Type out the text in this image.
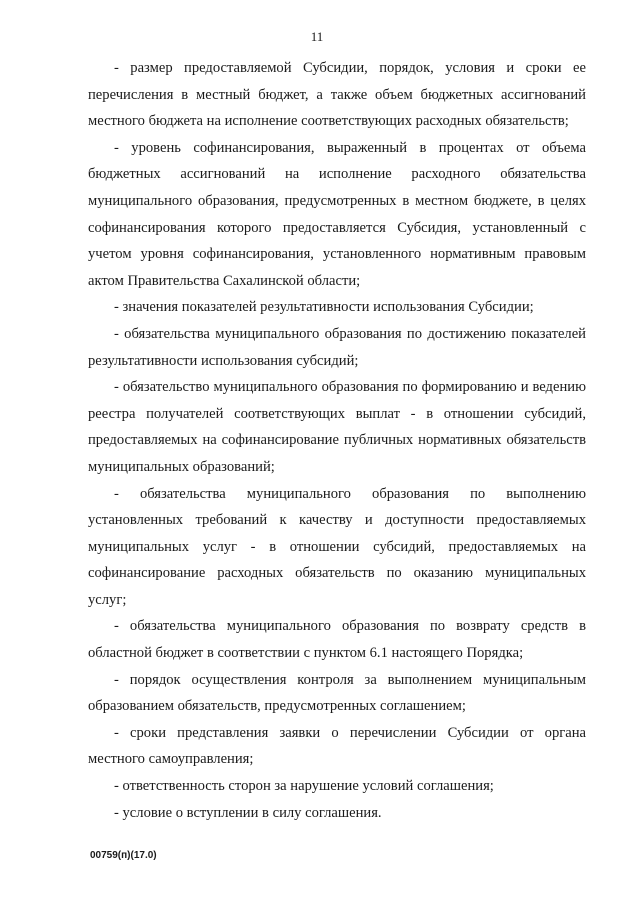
11

- размер предоставляемой Субсидии, порядок, условия и сроки ее перечисления в местный бюджет, а также объем бюджетных ассигнований местного бюджета на исполнение соответствующих расходных обязательств;

- уровень софинансирования, выраженный в процентах от объема бюджетных ассигнований на исполнение расходного обязательства муниципального образования, предусмотренных в местном бюджете, в целях софинансирования которого предоставляется Субсидия, установленный с учетом уровня софинансирования, установленного нормативным правовым актом Правительства Сахалинской области;

- значения показателей результативности использования Субсидии;

- обязательства муниципального образования по достижению показателей результативности использования субсидий;

- обязательство муниципального образования по формированию и ведению реестра получателей соответствующих выплат - в отношении субсидий, предоставляемых на софинансирование публичных нормативных обязательств муниципальных образований;

- обязательства муниципального образования по выполнению установленных требований к качеству и доступности предоставляемых муниципальных услуг - в отношении субсидий, предоставляемых на софинансирование расходных обязательств по оказанию муниципальных услуг;

- обязательства муниципального образования по возврату средств в областной бюджет в соответствии с пунктом 6.1 настоящего Порядка;

- порядок осуществления контроля за выполнением муниципальным образованием обязательств, предусмотренных соглашением;

- сроки представления заявки о перечислении Субсидии от органа местного самоуправления;

- ответственность сторон за нарушение условий соглашения;

- условие о вступлении в силу соглашения.

00759(п)(17.0)
